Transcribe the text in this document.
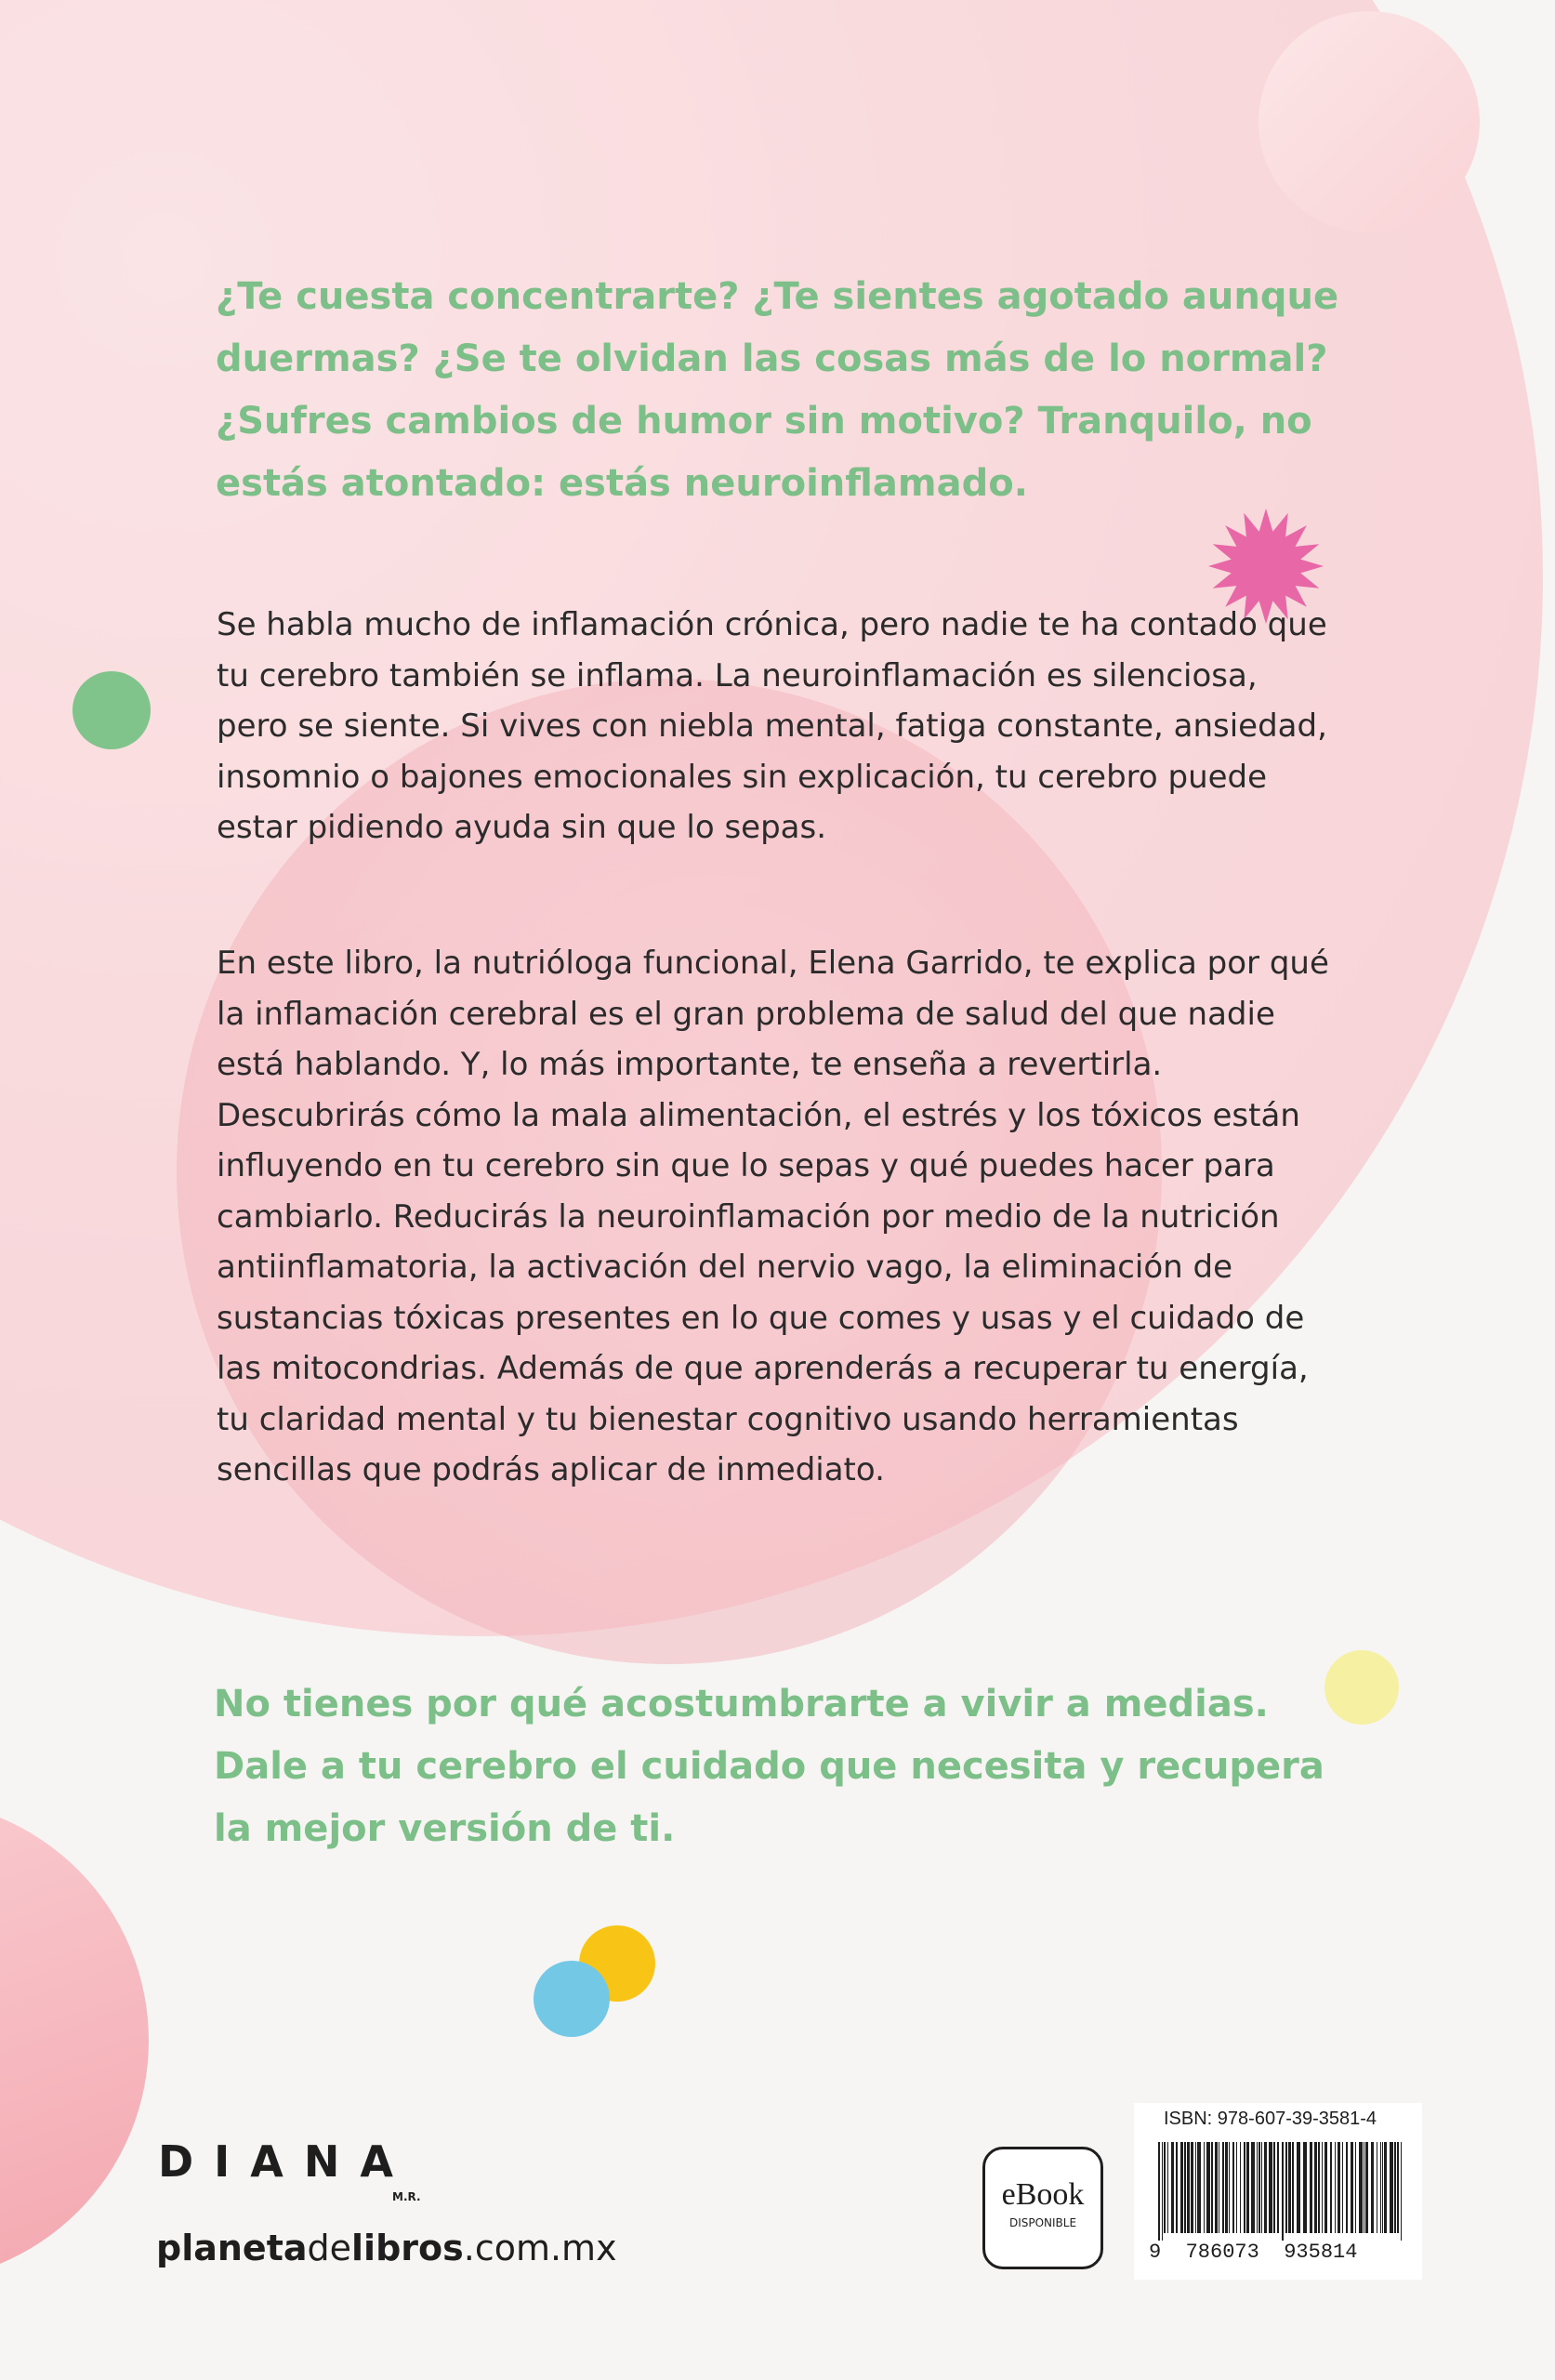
¿Te cuesta concentrarte? ¿Te sientes agotado aunque duermas? ¿Se te olvidan las cosas más de lo normal? ¿Sufres cambios de humor sin motivo? Tranquilo, no estás atontado: estás neuroinflamado.

Se habla mucho de inflamación crónica, pero nadie te ha contado que tu cerebro también se inflama. La neuroinflamación es silenciosa, pero se siente. Si vives con niebla mental, fatiga constante, ansiedad, insomnio o bajones emocionales sin explicación, tu cerebro puede estar pidiendo ayuda sin que lo sepas.

En este libro, la nutrióloga funcional, Elena Garrido, te explica por qué la inflamación cerebral es el gran problema de salud del que nadie está hablando. Y, lo más importante, te enseña a revertirla. Descubrirás cómo la mala alimentación, el estrés y los tóxicos están influyendo en tu cerebro sin que lo sepas y qué puedes hacer para cambiarlo. Reducirás la neuroinflamación por medio de la nutrición antiinflamatoria, la activación del nervio vago, la eliminación de sustancias tóxicas presentes en lo que comes y usas y el cuidado de las mitocondrias. Además de que aprenderás a recuperar tu energía, tu claridad mental y tu bienestar cognitivo usando herramientas sencillas que podrás aplicar de inmediato.

No tienes por qué acostumbrarte a vivir a medias. Dale a tu cerebro el cuidado que necesita y recupera la mejor versión de ti.

DIANA

M.R.
planetadelibros.com.mx
eBook
DISPONIBLE
ISBN: 978-607-39-3581-4
9  786073  935814
